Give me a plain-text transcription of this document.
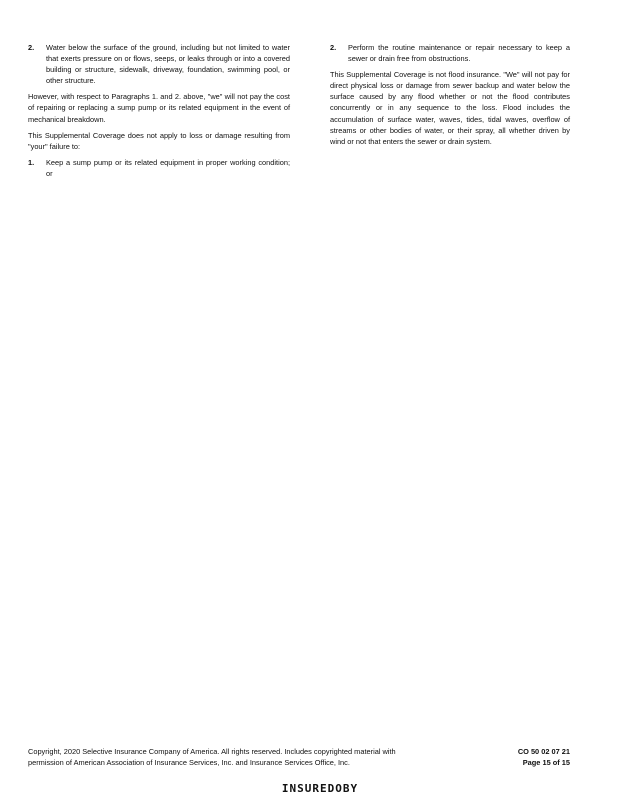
2.	Water below the surface of the ground, including but not limited to water that exerts pressure on or flows, seeps, or leaks through or into a covered building or structure, sidewalk, driveway, foundation, swimming pool, or other structure.

However, with respect to Paragraphs 1. and 2. above, "we" will not pay the cost of repairing or replacing a sump pump or its related equipment in the event of mechanical breakdown.

This Supplemental Coverage does not apply to loss or damage resulting from "your" failure to:

1.	Keep a sump pump or its related equipment in proper working condition; or
2.	Perform the routine maintenance or repair necessary to keep a sewer or drain free from obstructions.

This Supplemental Coverage is not flood insurance. "We" will not pay for direct physical loss or damage from sewer backup and water below the surface caused by any flood whether or not the flood contributes concurrently or in any sequence to the loss. Flood includes the accumulation of surface water, waves, tides, tidal waves, overflow of streams or other bodies of water, or their spray, all whether driven by wind or not that enters the sewer or drain system.

Copyright, 2020 Selective Insurance Company of America. All rights reserved. Includes copyrighted material with permission of American Association of Insurance Services, Inc. and Insurance Services Office, Inc.
CO 50 02 07 21
Page 15 of 15
INSUREDOBY
